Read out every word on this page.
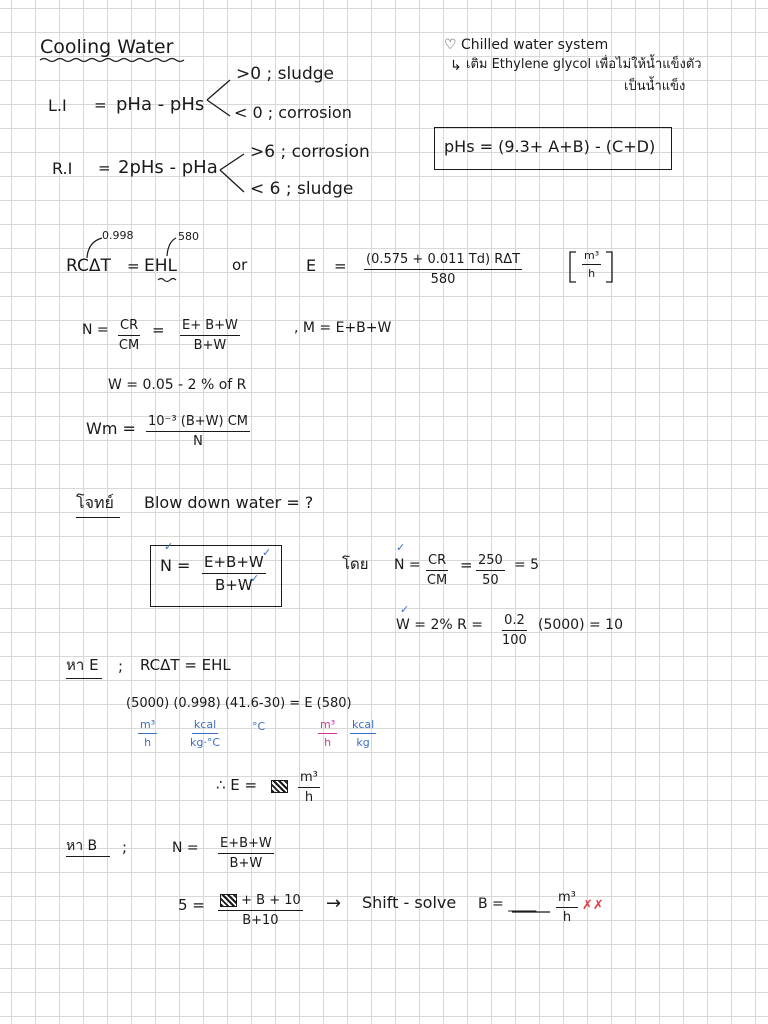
Cooling Water	♡ Chilled water system
↳ เติม Ethylene glycol เพื่อไม่ให้น้ำแข็งตัว
เป็นน้ำแข็ง
L.I = pHa - pHs
>0 ; sludge
< 0 ; corrosion
pHs = (9.3+ A+B) - (C+D)
R.I = 2pHs - pHa
>6 ; corrosion
< 6 ; sludge
0.998	580
RCΔT = EHL	or	E = (0.575 + 0.011 Td) RΔT
580	$\frac{\text{m³}}{h}$
$N = \frac{CR}{CM} = \frac{E+ B+W}{B+W}$	, M = E+B+W
W = 0.05 - 2 % of R
$Wm = \frac{\text{10⁻³ (B+W) CM}}{N}$
โจทย์ Blow down water = ?
$N = \frac{E+B+W}{B+W}$
✓	✓
✓
โดย
✓
$N = \frac{CR}{CM} = \frac{250}{50} = 5$
✓
W = 2% $R = \frac{0.2}{100} (5000) = 10$
หา E ; RCΔT = EHL
(5000) (0.998) (41.6-30) = E (580)
$\frac{\text{m³}}{h}$	kcal
kg·°C
°C	$\frac{\text{m³}}{h}$ kcal
kg
∴ E =	$\frac{\text{m³}}{h}$
หา B ;	$N = \frac{E+B+W}{B+W}$
$5 = \frac{+ B + 10}{B+10}$ → Shift - solve B = ____ $\frac{\text{m³}}{h}$ ✗✗
